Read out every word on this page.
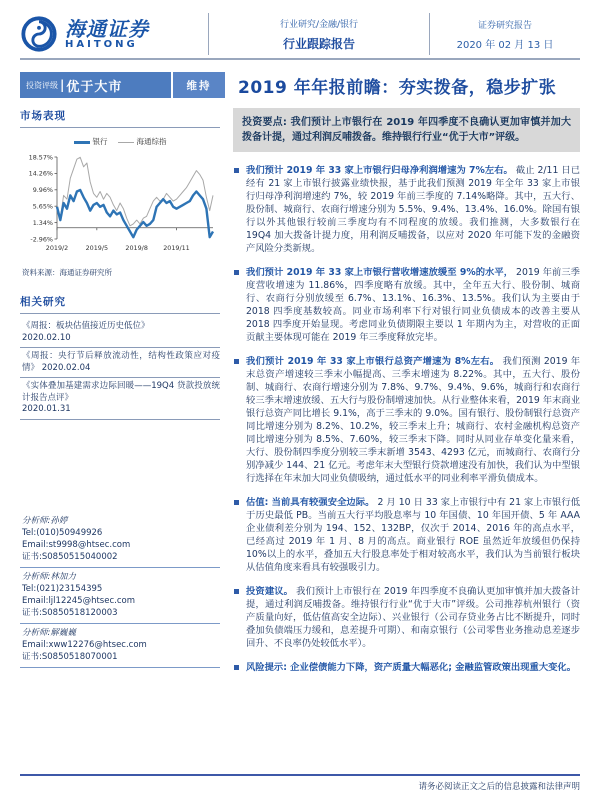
海通证券
HAITONG
行业研究/金融/银行
行业跟踪报告
证券研究报告
2020 年 02 月 13 日
投资评级 | 优于大市	维持	2019 年年报前瞻：夯实拨备，稳步扩张
市场表现
银行	海通综指
18.57%
14.26%
9.96%
5.65%
1.34%
-2.96%
2019/2	2019/5	2019/8 2019/11
资料来源：海通证券研究所
相关研究
《周报：板块估值接近历史低位》
2020.02.10
《周报：央行节后释放流动性，结构性政策应对疫情》 2020.02.04
《实体叠加基建需求边际回暖——19Q4 贷款投放统计报告点评》
2020.01.31
分析师:孙婷
Tel:(010)50949926
Email:st9998@htsec.com
证书:S0850515040002
分析师:林加力
Tel:(021)23154395
Email:ljl12245@htsec.com
证书:S0850518120003
分析师:解巍巍
Email:xww12276@htsec.com
证书:S0850518070001
投资要点: 我们预计上市银行在 2019 年四季度不良确认更加审慎并加大拨备计提，通过利润反哺拨备。维持银行行业“优于大市”评级。
我们预计 2019 年 33 家上市银行归母净利润增速为 7%左右。 截止 2/11 日已经有 21 家上市银行披露业绩快报，基于此我们预测 2019 年全年 33 家上市银行归母净利润增速约 7%，较 2019 年前三季度的 7.14%略降。其中，五大行、股份制、城商行、农商行增速分别为 5.5%、9.4%、13.4%、16.0%。除国有银行以外其他银行较前三季度均有不同程度的放缓。我们推测，大多数银行在 19Q4 加大拨备计提力度，用利润反哺拨备，以应对 2020 年可能下发的金融资产风险分类新规。
我们预计 2019 年 33 家上市银行营收增速放缓至 9%的水平， 2019 年前三季度营收增速为 11.86%，四季度略有放缓。其中，全年五大行、股份制、城商行、农商行分别放缓至 6.7%、13.1%、16.3%、13.5%。我们认为主要由于 2018 四季度基数较高。同业市场利率下行对银行同业负债成本的改善主要从 2018 四季度开始显现。考虑同业负债期限主要以 1 年期内为主，对营收的正面贡献主要体现可能在 2019 年三季度释放完毕。
我们预计 2019 年 33 家上市银行总资产增速为 8%左右。 我们预测 2019 年末总资产增速较三季末小幅提高、三季末增速为 8.22%。其中，五大行、股份制、城商行、农商行增速分别为 7.8%、9.7%、9.4%、9.6%，城商行和农商行较三季末增速放缓、五大行与股份制增速加快。从行业整体来看，2019 年末商业银行总资产同比增长 9.1%，高于三季末的 9.0%。国有银行、股份制银行总资产同比增速分别为 8.2%、10.2%，较三季末上升；城商行、农村金融机构总资产同比增速分别为 8.5%、7.60%，较三季末下降。同时从同业存单变化量来看，大行、股份制四季度分别较三季末新增 3543、4293 亿元，而城商行、农商行分别净减少 144、21 亿元。考虑年末大型银行贷款增速没有加快，我们认为中型银行选择在年末加大同业负债吸纳，通过低水平的同业利率平滑负债成本。
估值: 当前具有较强安全边际。 2 月 10 日 33 家上市银行中有 21 家上市银行低于历史最低 PB。当前五大行平均股息率与 10 年国债、10 年国开债、5 年 AAA 企业债利差分别为 194、152、132BP，仅次于 2014、2016 年的高点水平，已经高过 2019 年 1 月、8 月的高点。商业银行 ROE 虽然近年放缓但仍保持 10%以上的水平，叠加五大行股息率处于相对较高水平，我们认为当前银行板块从估值角度来看具有较强吸引力。
投资建议。 我们预计上市银行在 2019 年四季度不良确认更加审慎并加大拨备计提，通过利润反哺拨备。维持银行行业“优于大市”评级。公司推荐杭州银行（资产质量向好，低估值高安全边际）、兴业银行（公司存贷业务占比不断提升，同时叠加负债端压力缓和，息差提升可期）、和南京银行（公司零售业务推动息差逐步回升、不良率仍处较低水平）。
风险提示: 企业偿债能力下降，资产质量大幅恶化; 金融监管政策出现重大变化。
请务必阅读正文之后的信息披露和法律声明
